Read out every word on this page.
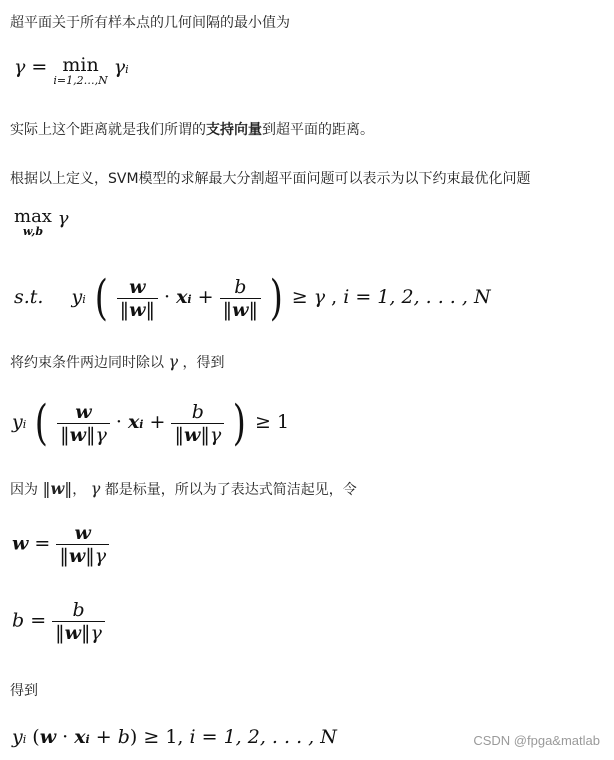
超平面关于所有样本点的几何间隔的最小值为
γ = min
i=1,2…,N
γi
实际上这个距离就是我们所谓的支持向量到超平面的距离。
根据以上定义，SVM模型的求解最大分割超平面问题可以表示为以下约束最优化问题
max
w,b
γ
s.t. yi ( $\frac{w}{‖w‖}$ · xi + $\frac{b}{‖w‖}$ ) ≥ γ , i = 1, 2, . . . , N
将约束条件两边同时除以 γ ，得到
yi ( $\frac{w}{‖w‖\gamma}$ · xi + $\frac{b}{‖w‖\gamma}$ ) ≥ 1
因为 ‖w‖， γ 都是标量，所以为了表达式简洁起见，令
$w = \frac{w}{‖w‖\gamma}$
$b = \frac{b}{‖w‖\gamma}$
得到
yi (w · xi + b) ≥ 1, i = 1, 2, . . . , N	CSDN @fpga&matlab
